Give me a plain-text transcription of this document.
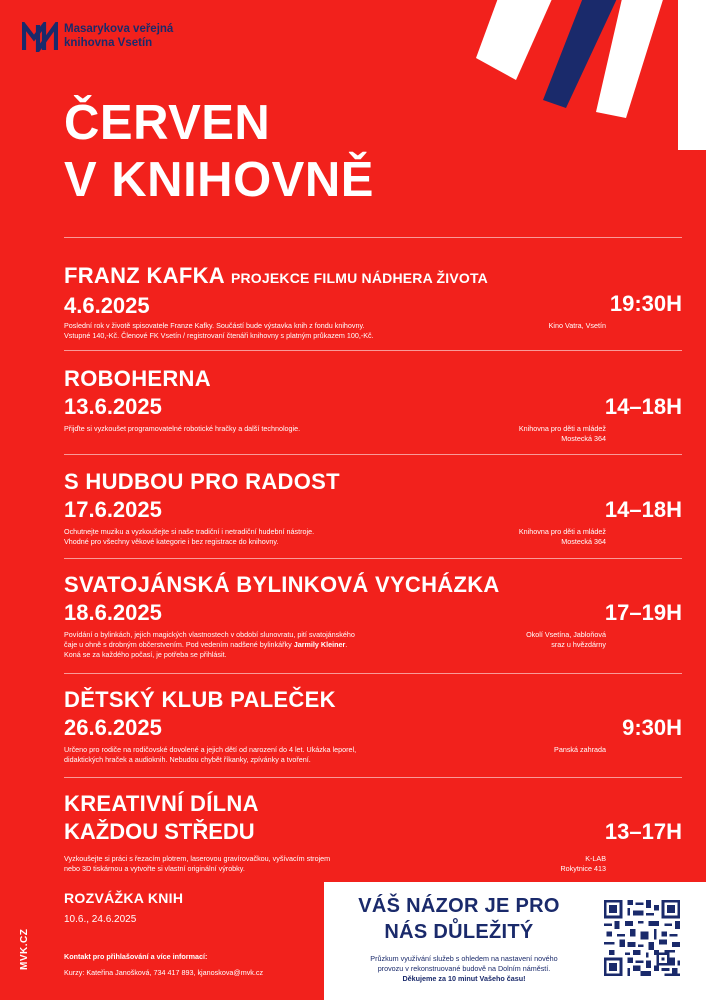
Masarykova veřejná
knihovna Vsetín
ČERVEN
V KNIHOVNĚ
FRANZ KAFKA PROJEKCE FILMU NÁDHERA ŽIVOTA
4.6.2025	19:30H
Poslední rok v životě spisovatele Franze Kafky. Součástí bude výstavka knih z fondu knihovny.
Vstupné 140,-Kč. Členové FK Vsetín / registrovaní čtenáři knihovny s platným průkazem 100,-Kč.
Kino Vatra, Vsetín
ROBOHERNA
13.6.2025	14–18H
Přijďte si vyzkoušet programovatelné robotické hračky a další technologie.	Knihovna pro děti a mládež
Mostecká 364
S HUDBOU PRO RADOST
17.6.2025	14–18H
Ochutnejte muziku a vyzkoušejte si naše tradiční i netradiční hudební nástroje.
Vhodné pro všechny věkové kategorie i bez registrace do knihovny.
Knihovna pro děti a mládež
Mostecká 364
SVATOJÁNSKÁ BYLINKOVÁ VYCHÁZKA
18.6.2025	17–19H
Povídání o bylinkách, jejich magických vlastnostech v období slunovratu, pití svatojánského
čaje u ohně s drobným občerstvením. Pod vedením nadšené bylinkářky Jarmily Kleiner.
Koná se za každého počasí, je potřeba se přihlásit.
Okolí Vsetína, Jabloňová
sraz u hvězdárny
DĚTSKÝ KLUB PALEČEK
26.6.2025	9:30H
Určeno pro rodiče na rodičovské dovolené a jejich dětí od narození do 4 let. Ukázka leporel,
didaktických hraček a audioknih. Nebudou chybět říkanky, zpívánky a tvoření.
Panská zahrada
KREATIVNÍ DÍLNA
KAŽDOU STŘEDU	13–17H
Vyzkoušejte si práci s řezacím plotrem, laserovou gravírovačkou, vyšívacím strojem
nebo 3D tiskárnou a vytvořte si vlastní originální výrobky.
K-LAB
Rokytnice 413
ROZVÁŽKA KNIH
10.6., 24.6.2025
Kontakt pro přihlašování a více informací:
Kurzy: Kateřina Janošková, 734 417 893, kjanoskova@mvk.cz
MVK.CZ
VÁŠ NÁZOR JE PRO
NÁS DŮLEŽITÝ
Průzkum využívání služeb s ohledem na nastavení nového
provozu v rekonstruované budově na Dolním náměstí.
Děkujeme za 10 minut Vašeho času!
